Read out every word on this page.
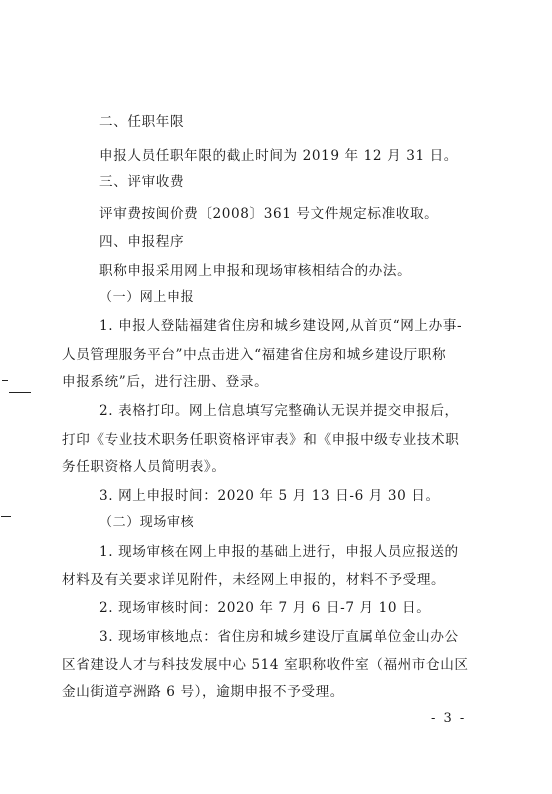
二、任职年限
申报人员任职年限的截止时间为 2019 年 12 月 31 日。
三、评审收费
评审费按闽价费〔2008〕361 号文件规定标准收取。
四、申报程序
职称申报采用网上申报和现场审核相结合的办法。
（一）网上申报
1. 申报人登陆福建省住房和城乡建设网,从首页“网上办事-
人员管理服务平台”中点击进入“福建省住房和城乡建设厅职称
申报系统”后，进行注册、登录。
2. 表格打印。网上信息填写完整确认无误并提交申报后，
打印《专业技术职务任职资格评审表》和《申报中级专业技术职
务任职资格人员简明表》。
3. 网上申报时间：2020 年 5 月 13 日-6 月 30 日。
（二）现场审核
1. 现场审核在网上申报的基础上进行，申报人员应报送的
材料及有关要求详见附件，未经网上申报的，材料不予受理。
2. 现场审核时间：2020 年 7 月 6 日-7 月 10 日。
3. 现场审核地点：省住房和城乡建设厅直属单位金山办公
区省建设人才与科技发展中心 514 室职称收件室（福州市仓山区
金山街道亭洲路 6 号），逾期申报不予受理。
- 3 -
